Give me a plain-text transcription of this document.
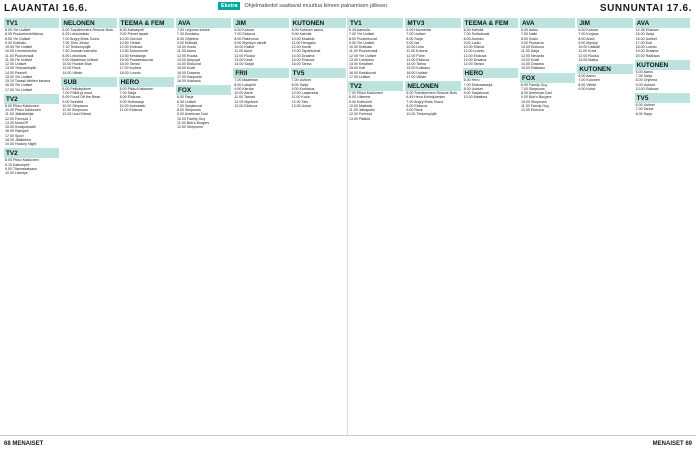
LAUANTAI 16.6.	Ekstra	Ohjelmatiedot saattavat muuttua kiireen painamisen jälkeen.	SUNNUNTAI 17.6.
TV1
8.00 Yle Uutiset
8.05 Puoluehenkilökuva
8.55 Yle Uutiset
9.00 Kotikatu
10.00 Yle Uutiset
10.05 Lemmenlohto
11.00 Puoluevaali
11.05 Yle Uutiset
12.00 Uutiset
13.05 Yleisradiopiiri
14.00 Paaveli
15.00 Yle Uutiset
15.10 Tanssii tähtien kanssa
16.55 Yle Uutiset
17.00 Yle Uutiset
TV2
6.00 Pikku Kakkonen
10.00 Pikku Kakkonen
11.00 Jäätaiteilijat
12.00 Formula 1
13.30 MotoGP
15.00 Kesäpokaalit
16.00 Riskipeli
17.00 Sport
18.00 Jääkiekko
19.00 Hockey Night
TV2
8.00 Pikku Kakkonen
8.15 Kaksinpeli
9.00 Tilannekatsaus
10.00 Lähetys
NELONEN
6.00 Transformers Rescue Bots
6.25 Lelukirsikan
7.00 Angry Birds Toons
7.05 Tiimi Jönssi
7.10 Tiedonsyöjät
7.30 Jossain tulevalla
8.00 Lelukiduis
9.00 Maailman Uutiset
10.00 Rookie Blue
12.00 Rock
14.00 Viihde
SUB
6.00 Pelikärpänen
7.00 Pöllöt ja muut
8.00 Foodi Off the Bean
9.00 Seinfeld
10.00 Simpsons
11.00 Simpsons
12.00 Uusi Elämä
TEEMA & FEM
8.00 Kaksinpeli
9.00 Pienet lapset
10.00 Ota koti
10.50 Yleiset
12.00 Elokuva
13.50 Dokumentti
14.50 Kesäsarja
15.00 Puutarhakuvat
16.00 Tanssi
17.00 Korkea
18.00 Luonto
HERO
6.00 Pikku Kakkonen
7.00 Sarja
8.00 Elokuva
9.00 Hoitosarja
10.00 Animaatio
11.00 Elokuva
AVA
7.00 Leijonan kuiske
7.30 Ennakko
8.00 Ohjelma
9.00 Elämää
10.00 Koulu
11.00 Aamu
12.00 Ruoka
13.00 Ampujat
14.00 Elokuvat
15.00 Kodit
16.00 Draama
17.00 Kaupunki
18.00 Kokkaus
FOX
6.00 Sarja
6.30 Uutiset
7.00 Sarjakuvat
8.00 Simpsons
9.00 American Dad
10.00 Family Guy
11.00 Bob's Burgers
12.00 Simpsons
JIM
6.00 Kotona
7.00 Elokuva
8.00 Rakennus
9.00 Myrskyn vahdit
10.00 Kalliot
11.00 Autot
12.00 Ruoka
13.00 Kesä
14.00 Sarjat
FRII
7.00 Maailman
8.00 Lukupiiri
9.00 Kiertue
10.00 Aarre
11.00 Tarinat
12.00 Mysteeri
13.00 Elokuva
KUTONEN
8.00 Kutosen aamu
9.00 Kahvila
10.00 Musiikki
11.00 Hengailu
12.00 Kuvat
13.00 Tapahtumat
14.00 Draama
15.00 Elokuva
16.00 Tarina
TV5
7.00 Uutiset
8.00 Sarja
9.00 Kurkistus
10.00 Laajennus
11.00 Kuva
12.00 Talo
13.00 Uusia
TV1
6.45 Aamulla
7.00 Yle Uutiset
8.00 Puoluekuvat
9.00 Yle Uutiset
10.00 Kotikatu
11.00 Puoluevaali
12.00 Yle Uutiset
13.00 Lohdutus
14.00 Kesäiset
15.00 Koti
16.00 Kesäkuvat
17.00 Uutiset
TV2
7.00 Pikku Kakkonen
8.00 Liikenne
9.00 Kotikumit
10.00 Matkailu
11.00 Jalkapallo
12.00 Formula
13.00 Päätös
MTV3
6.00 Huomenta
7.00 Uutiset
8.00 Sarja
9.00 Isä
10.00 Lintu
11.00 Kotona
12.00 Puhe
13.00 Elokuva
14.00 Tarina
15.00 Kokkaus
16.00 Uutiset
17.00 Viihde
NELONEN
6.00 Transformers Rescue Bots
6.45 Hexa Kolmijuomien
7.00 Angry Birds Toons
8.00 Elokuva
9.00 Rock
10.00 Tiedonsyöjät
TEEMA & FEM
6.00 Kahvila
7.00 Soittokuvat
8.00 Aurinko
9.00 Laulu
10.00 Elämä
11.00 Luonto
12.00 Elokuva
13.00 Draama
14.00 Tanssi
HERO
6.00 Hero
7.00 Elokuvasarja
8.00 Uutiset
9.00 Sarjakuvat
10.00 Maailma
AVA
6.00 Aamu
7.00 Nalle
8.00 Kokki
9.00 Puutarha
10.00 Elokuva
11.00 Sarja
12.00 Neuvola
13.00 Kodit
14.00 Draama
15.00 Rakkaus
FOX
6.00 Family Guy
7.00 Simpsons
8.00 American Dad
9.00 Bob's Burgers
10.00 Simpsons
11.00 Family Guy
12.00 Elokuva
JIM
6.00 Kotona
7.00 Korjaus
8.00 Autot
9.00 Myrsky
10.00 Lääkäri
11.00 Kuva
12.00 Ruoka
13.00 Matka
KUTONEN
6.00 Aamu
7.00 Kutonen
8.00 Viihde
9.00 Kahvi
AVA
14.35 Elokuva
15.00 Sarja
16.00 Uutiset
17.00 Koti
18.00 Luonto
19.00 Draama
20.00 Rakkaus
KUTONEN
6.00 Aamu
7.00 Sarja
8.00 Ohjelma
9.00 Uutiset
10.00 Elokuva
TV5
6.00 Uutiset
7.00 Tarina
8.00 Sarja
68 MENAISET	MENAISET 69
